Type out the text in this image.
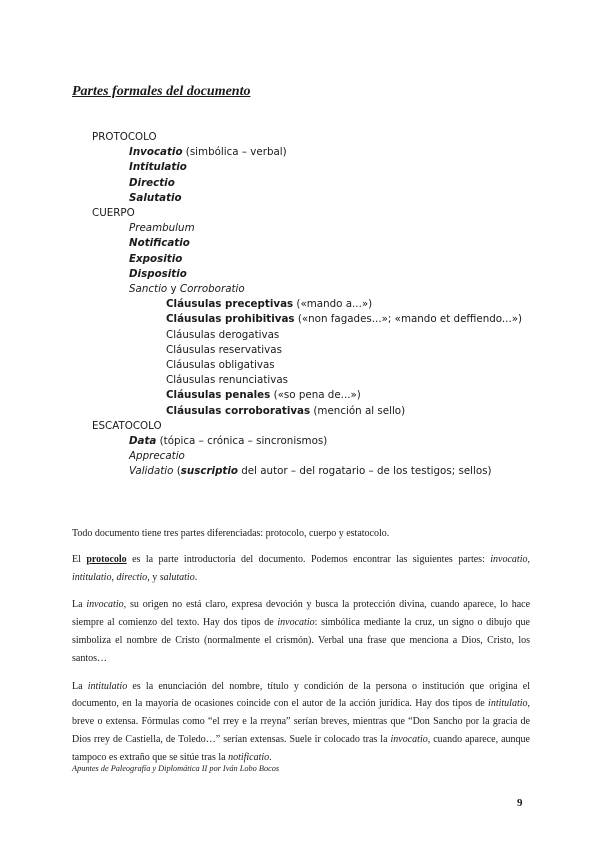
Partes formales del documento
PROTOCOLO
Invocatio (simbólica – verbal)
Intitulatio
Directio
Salutatio
CUERPO
Preambulum
Notificatio
Expositio
Dispositio
Sanctio y Corroboratio
Cláusulas preceptivas («mando a...»)
Cláusulas prohibitivas («non fagades...»; «mando et deffiendo...»)
Cláusulas derogativas
Cláusulas reservativas
Cláusulas obligativas
Cláusulas renunciativas
Cláusulas penales («so pena de...»)
Cláusulas corroborativas (mención al sello)
ESCATOCOLO
Data (tópica – crónica – sincronismos)
Apprecatio
Validatio (suscriptio del autor – del rogatario – de los testigos; sellos)

Todo documento tiene tres partes diferenciadas: protocolo, cuerpo y estatocolo.

El protocolo es la parte introductoria del documento. Podemos encontrar las siguientes partes: invocatio, intitulatio, directio, y salutatio.

La invocatio, su origen no está claro, expresa devoción y busca la protección divina, cuando aparece, lo hace siempre al comienzo del texto. Hay dos tipos de invocatio: simbólica mediante la cruz, un signo o dibujo que simboliza el nombre de Cristo (normalmente el crismón). Verbal una frase que menciona a Dios, Cristo, los santos…

La intitulatio es la enunciación del nombre, título y condición de la persona o institución que origina el documento, en la mayoría de ocasiones coincide con el autor de la acción jurídica. Hay dos tipos de intitulatio, breve o extensa. Fórmulas como “el rrey e la rreyna” serían breves, mientras que “Don Sancho por la gracia de Dios rrey de Castiella, de Toledo…” serían extensas. Suele ir colocado tras la invocatio, cuando aparece, aunque tampoco es extraño que se sitúe tras la notificatio.

Apuntes de Paleografía y Diplomática II por Iván Lobo Bocos
9
